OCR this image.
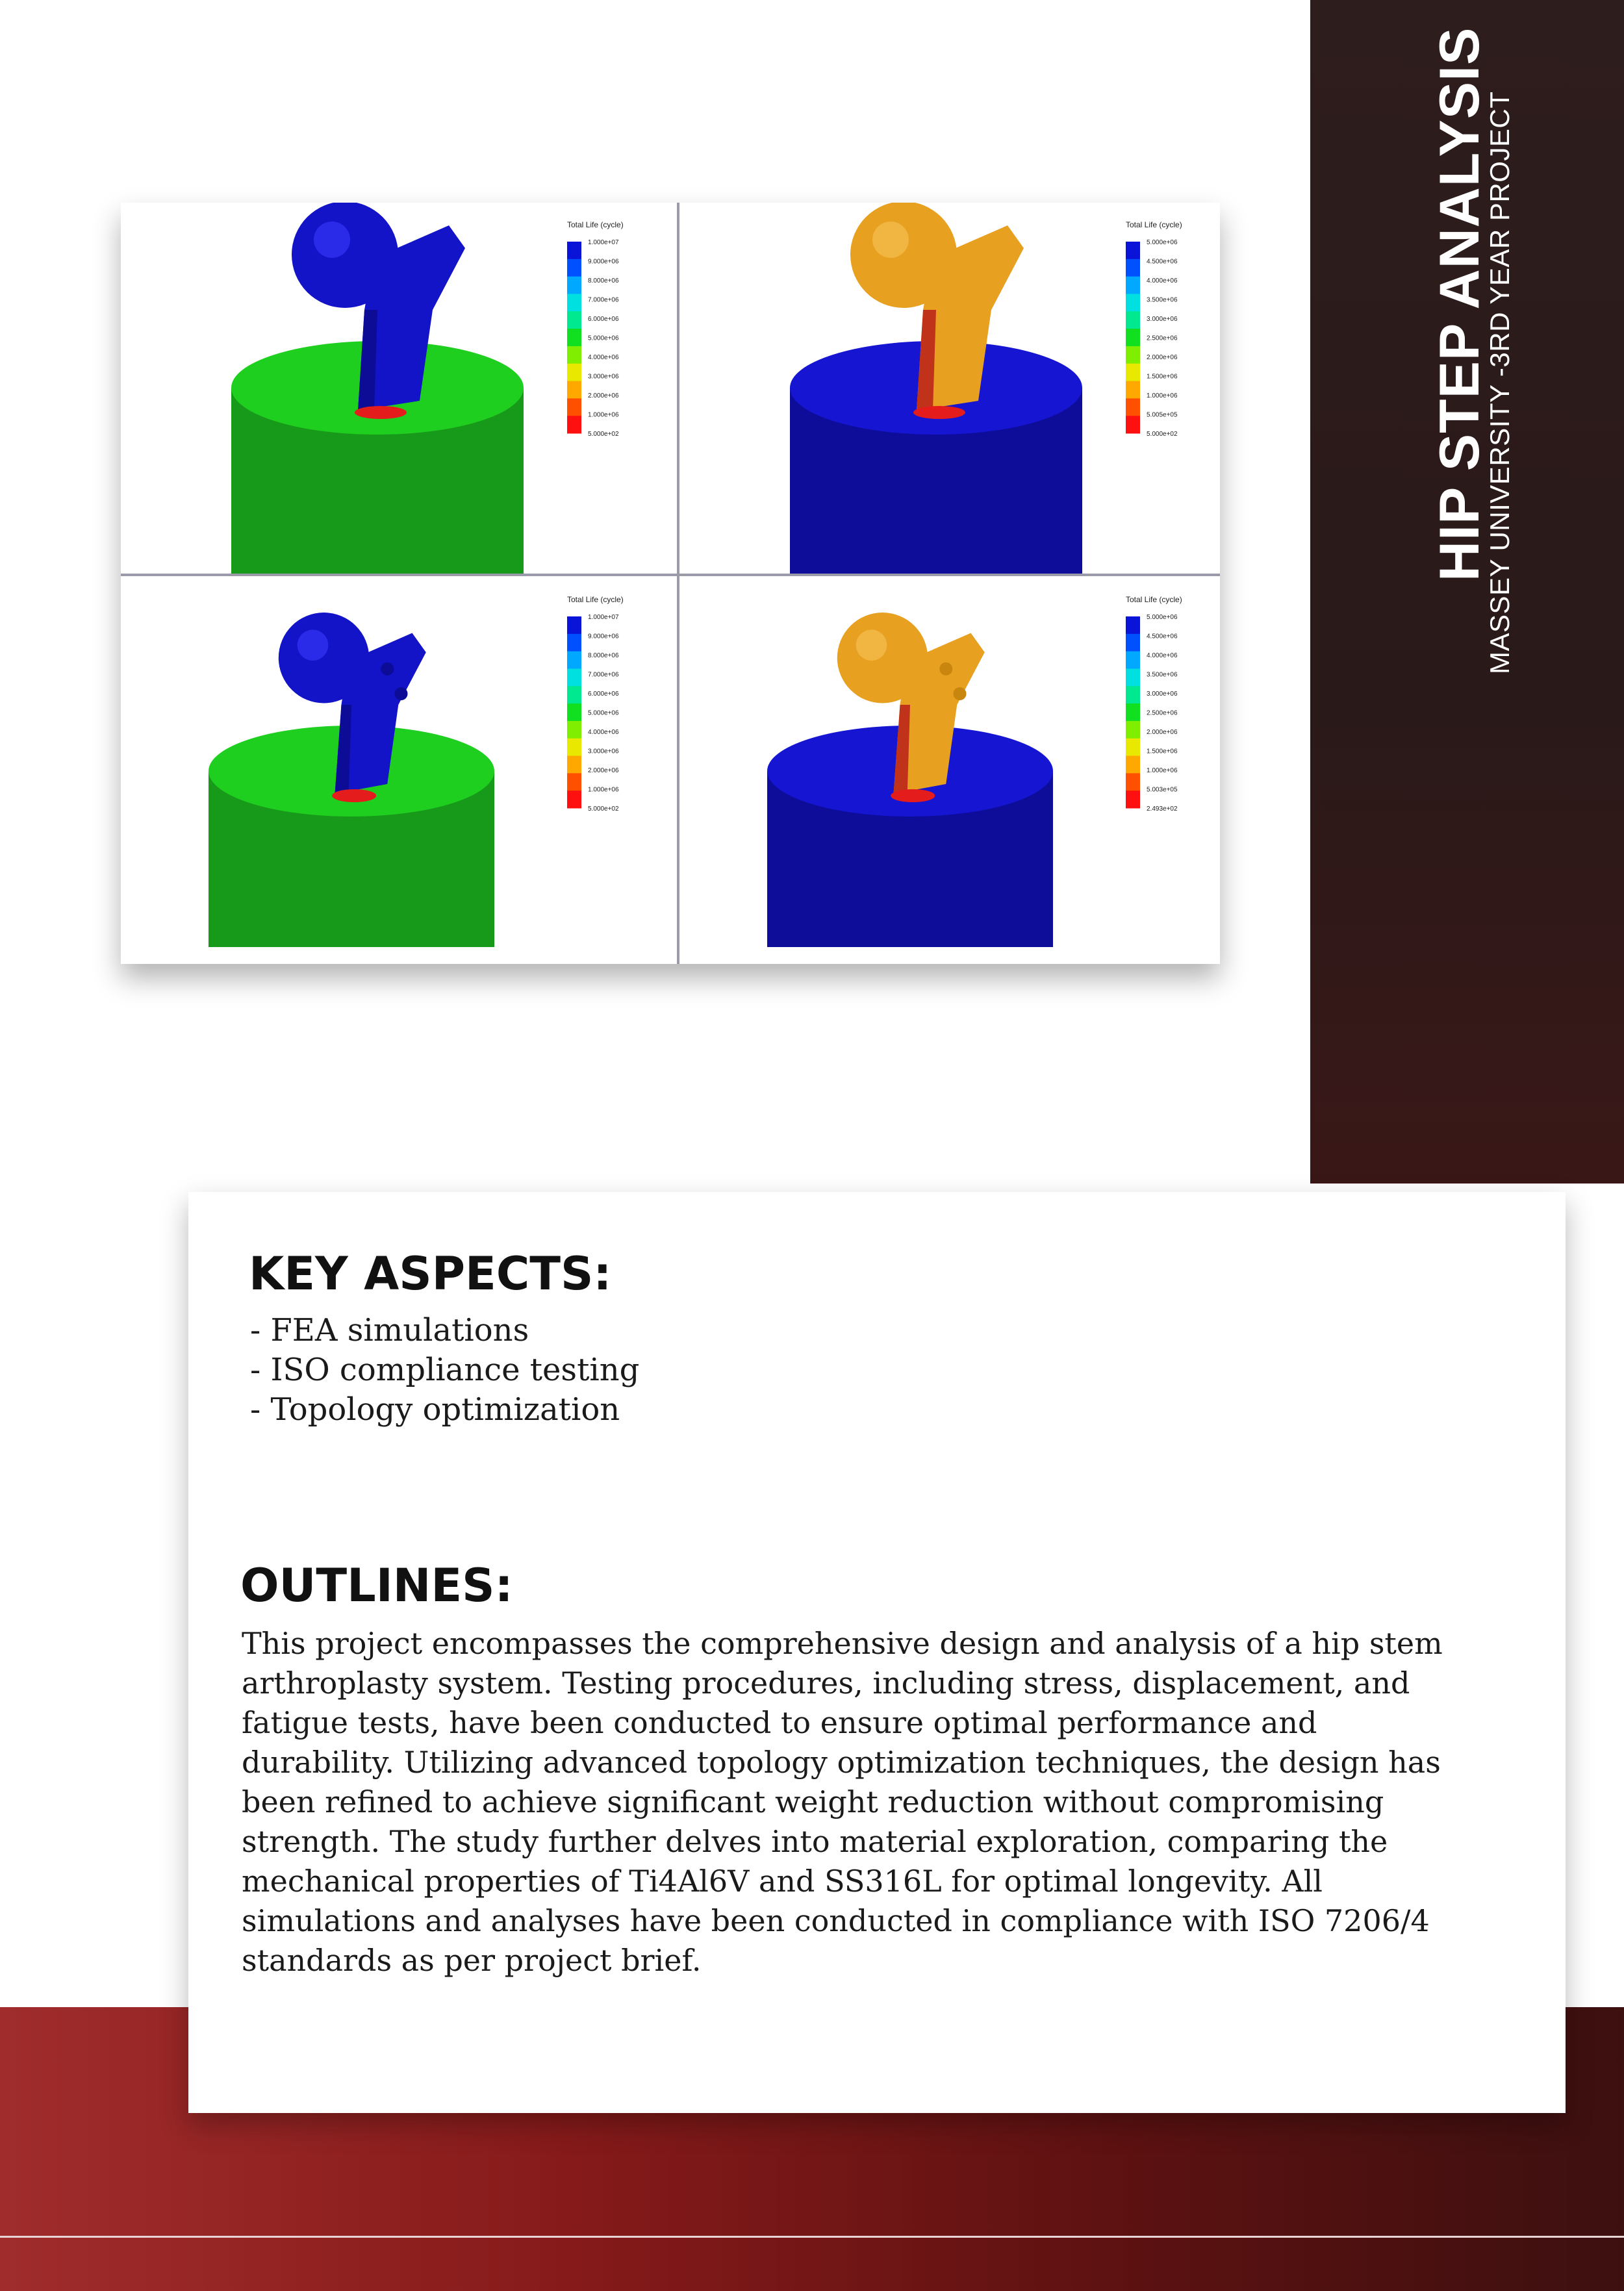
HIP STEP ANALYSIS
MASSEY UNIVERSITY -3RD YEAR PROJECT
Total Life (cycle)
1.000e+07
9.000e+06
8.000e+06
7.000e+06
6.000e+06
5.000e+06
4.000e+06
3.000e+06
2.000e+06
1.000e+06
5.000e+02
Total Life (cycle)
5.000e+06
4.500e+06
4.000e+06
3.500e+06
3.000e+06
2.500e+06
2.000e+06
1.500e+06
1.000e+06
5.005e+05
5.000e+02
Total Life (cycle)
1.000e+07
9.000e+06
8.000e+06
7.000e+06
6.000e+06
5.000e+06
4.000e+06
3.000e+06
2.000e+06
1.000e+06
5.000e+02
Total Life (cycle)
5.000e+06
4.500e+06
4.000e+06
3.500e+06
3.000e+06
2.500e+06
2.000e+06
1.500e+06
1.000e+06
5.003e+05
2.493e+02
KEY ASPECTS:
- FEA simulations
- ISO compliance testing
- Topology optimization
OUTLINES:
This project encompasses the comprehensive design and analysis of a hip stem
arthroplasty system. Testing procedures, including stress, displacement, and
fatigue tests, have been conducted to ensure optimal performance and
durability. Utilizing advanced topology optimization techniques, the design has
been refined to achieve significant weight reduction without compromising
strength. The study further delves into material exploration, comparing the
mechanical properties of Ti4Al6V and SS316L for optimal longevity. All
simulations and analyses have been conducted in compliance with ISO 7206/4
standards as per project brief.
